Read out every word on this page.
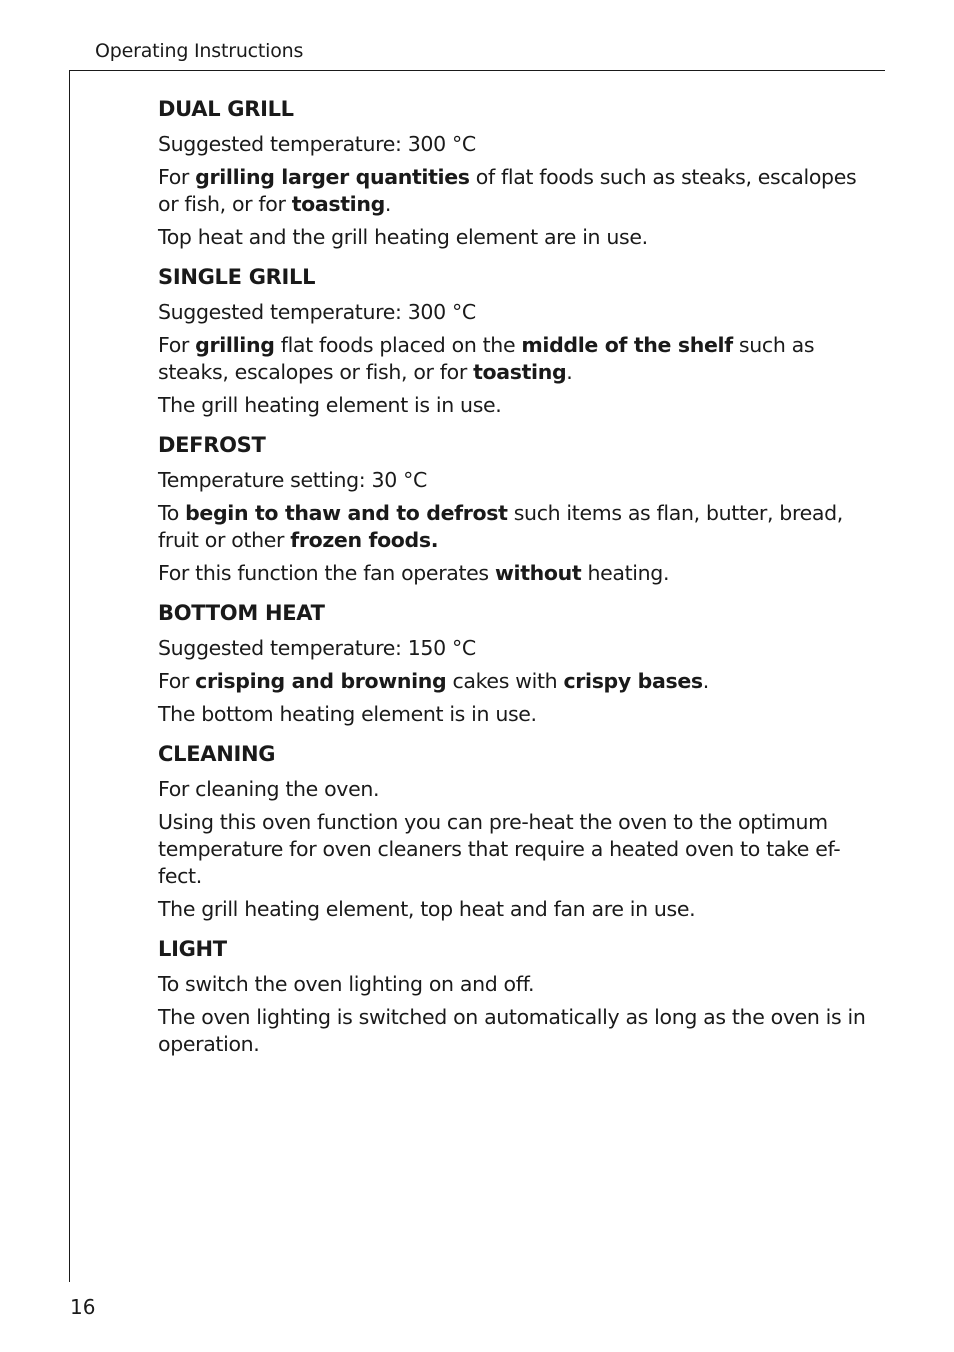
Operating Instructions
DUAL GRILL

Suggested temperature: 300 °C

For grilling larger quantities of flat foods such as steaks, escalopes or fish, or for toasting.

Top heat and the grill heating element are in use.

SINGLE GRILL

Suggested temperature: 300 °C

For grilling flat foods placed on the middle of the shelf such as steaks, escalopes or fish, or for toasting.

The grill heating element is in use.

DEFROST

Temperature setting: 30 °C

To begin to thaw and to defrost such items as flan, butter, bread, fruit or other frozen foods.

For this function the fan operates without heating.

BOTTOM HEAT

Suggested temperature: 150 °C

For crisping and browning cakes with crispy bases.

The bottom heating element is in use.

CLEANING

For cleaning the oven.

Using this oven function you can pre-heat the oven to the optimum temperature for oven cleaners that require a heated oven to take ef-fect.

The grill heating element, top heat and fan are in use.

LIGHT

To switch the oven lighting on and off.

The oven lighting is switched on automatically as long as the oven is in operation.

16
